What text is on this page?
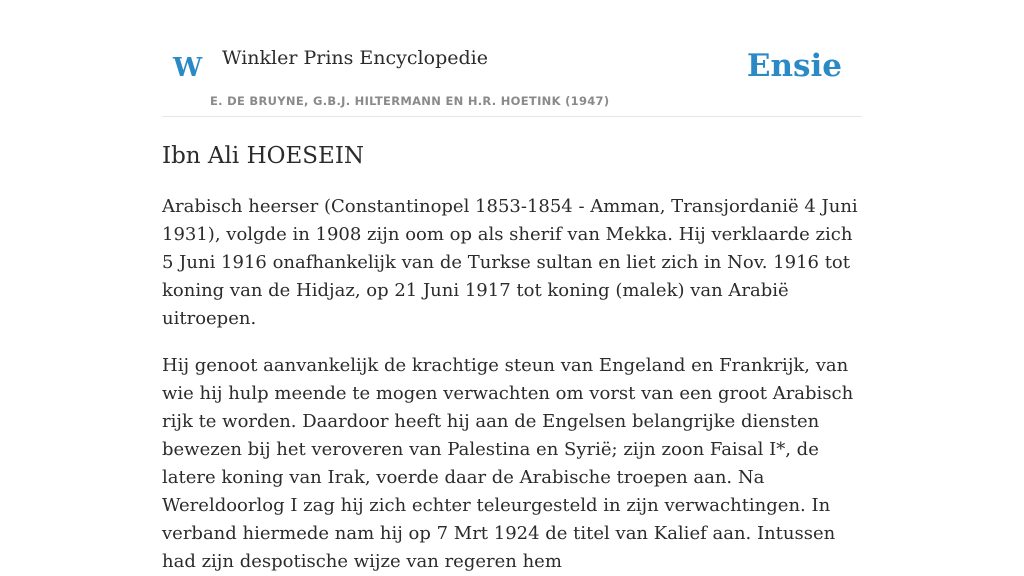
W Winkler Prins Encyclopedie
E. DE BRUYNE, G.B.J. HILTERMANN EN H.R. HOETINK (1947)
Ensie
Ibn Ali HOESEIN

Arabisch heerser (Constantinopel 1853-1854 - Amman, Transjordanië 4 Juni 1931), volgde in 1908 zijn oom op als sherif van Mekka. Hij verklaarde zich 5 Juni 1916 onafhankelijk van de Turkse sultan en liet zich in Nov. 1916 tot koning van de Hidjaz, op 21 Juni 1917 tot koning (malek) van Arabië uitroepen.

Hij genoot aanvankelijk de krachtige steun van Engeland en Frankrijk, van wie hij hulp meende te mogen verwachten om vorst van een groot Arabisch rijk te worden. Daardoor heeft hij aan de Engelsen belangrijke diensten bewezen bij het veroveren van Palestina en Syrië; zijn zoon Faisal I*, de latere koning van Irak, voerde daar de Arabische troepen aan. Na Wereldoorlog I zag hij zich echter teleurgesteld in zijn verwachtingen. In verband hiermede nam hij op 7 Mrt 1924 de titel van Kalief aan. Intussen had zijn despotische wijze van regeren hem
